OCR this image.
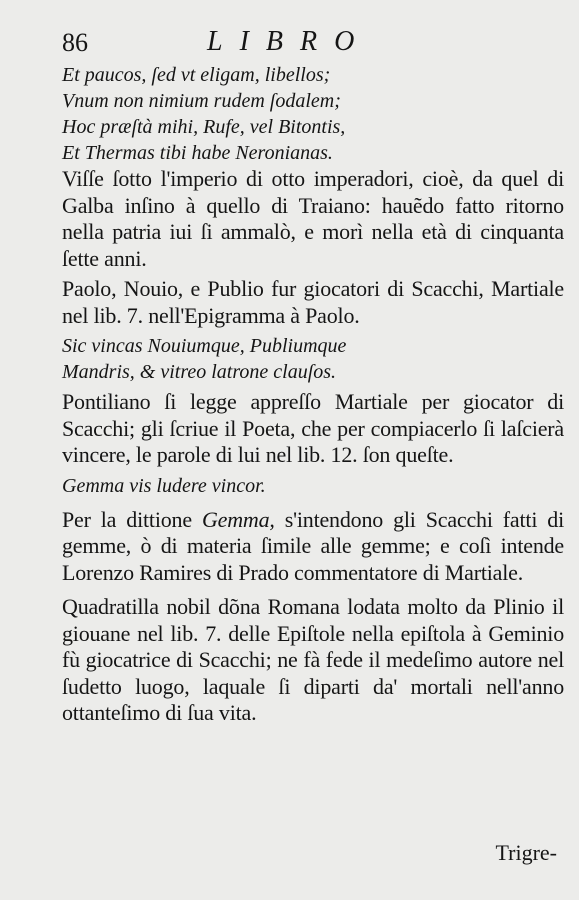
86	LIBRO

Et paucos, ſed vt eligam, libellos;

Vnum non nimium rudem ſodalem;

Hoc præſtà mihi, Rufe, vel Bitontis,

Et Thermas tibi habe Neronianas.

Viſſe ſotto l'imperio di otto imperadori, cioè, da quel di Galba inſino à quello di Traiano: hauẽdo fatto ritorno nella patria iui ſi ammalò, e morì nella età di cinquanta ſette anni.

Paolo, Nouio, e Publio fur giocatori di Scacchi, Martiale nel lib. 7. nell'Epigramma à Paolo.

Sic vincas Nouiumque, Publiumque

Mandris, & vitreo latrone clauſos.

Pontiliano ſi legge appreſſo Martiale per giocator di Scacchi; gli ſcriue il Poeta, che per compiacerlo ſi laſcierà vincere, le parole di lui nel lib. 12. ſon queſte.

Gemma vis ludere vincor.

Per la dittione Gemma, s'intendono gli Scacchi fatti di gemme, ò di materia ſimile alle gemme; e coſì intende Lorenzo Ramires di Prado commentatore di Martiale.

Quadratilla nobil dõna Romana lodata molto da Plinio il giouane nel lib. 7. delle Epiſtole nella epiſtola à Geminio fù giocatrice di Scacchi; ne fà fede il medeſimo autore nel ſudetto luogo, laquale ſi diparti da' mortali nell'anno ottanteſimo di ſua vita.

Trigre-
